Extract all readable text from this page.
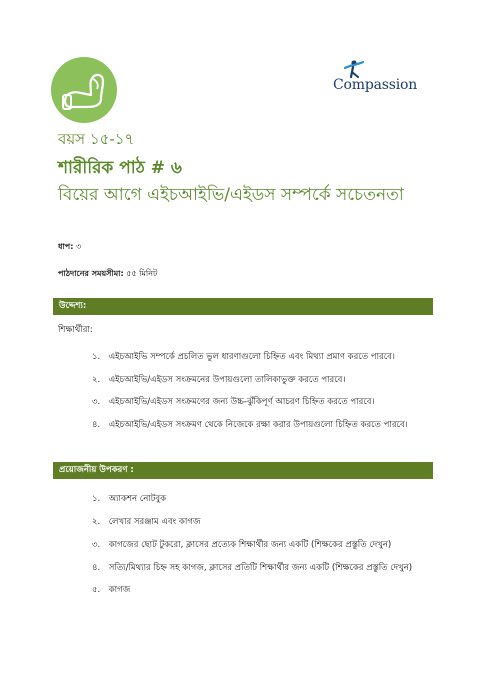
Compassion
বয়স ১৫-১৭
শারীরিক পাঠ # ৬
বিয়ের আগে এইচআইভি/এইডস সম্পর্কে সচেতনতা
ধাপ: ৩
পাঠদানের সময়সীমা: ৫৫ মিনিট
উদ্দেশ্য:
শিক্ষার্থীরা:
১. এইচআইভি সম্পর্কে প্রচলিত ভুল ধারণাগুলো চিহ্নিত এবং মিথ্যা প্রমাণ করতে পারবে।
২. এইচআইভি/এইডস সংক্রমনের উপায়গুলো তালিকাভুক্ত করতে পারবে।
৩. এইচআইভি/এইডস সংক্রমণের জন্য উচ্চ-ঝুঁকিপূর্ণ আচরণ চিহ্নিত করতে পারবে।
৪. এইচআইভি/এইডস সংক্রমণ থেকে নিজেকে রক্ষা করার উপায়গুলো চিহ্নিত করতে পারবে।
প্রয়োজনীয় উপকরণ :
১. অ্যাকশন নোটবুক
২. লেখার সরঞ্জাম এবং কাগজ
৩. কাগজের ছোট টুকরো, ক্লাসের প্রত্যেক শিক্ষার্থীর জন্য একটি (শিক্ষকের প্রস্তুতি দেখুন)
৪. সত্যি/মিথ্যার চিহ্ন সহ কাগজ, ক্লাসের প্রতিটি শিক্ষার্থীর জন্য একটি (শিক্ষকের প্রস্তুতি দেখুন)
৫. কাগজ
